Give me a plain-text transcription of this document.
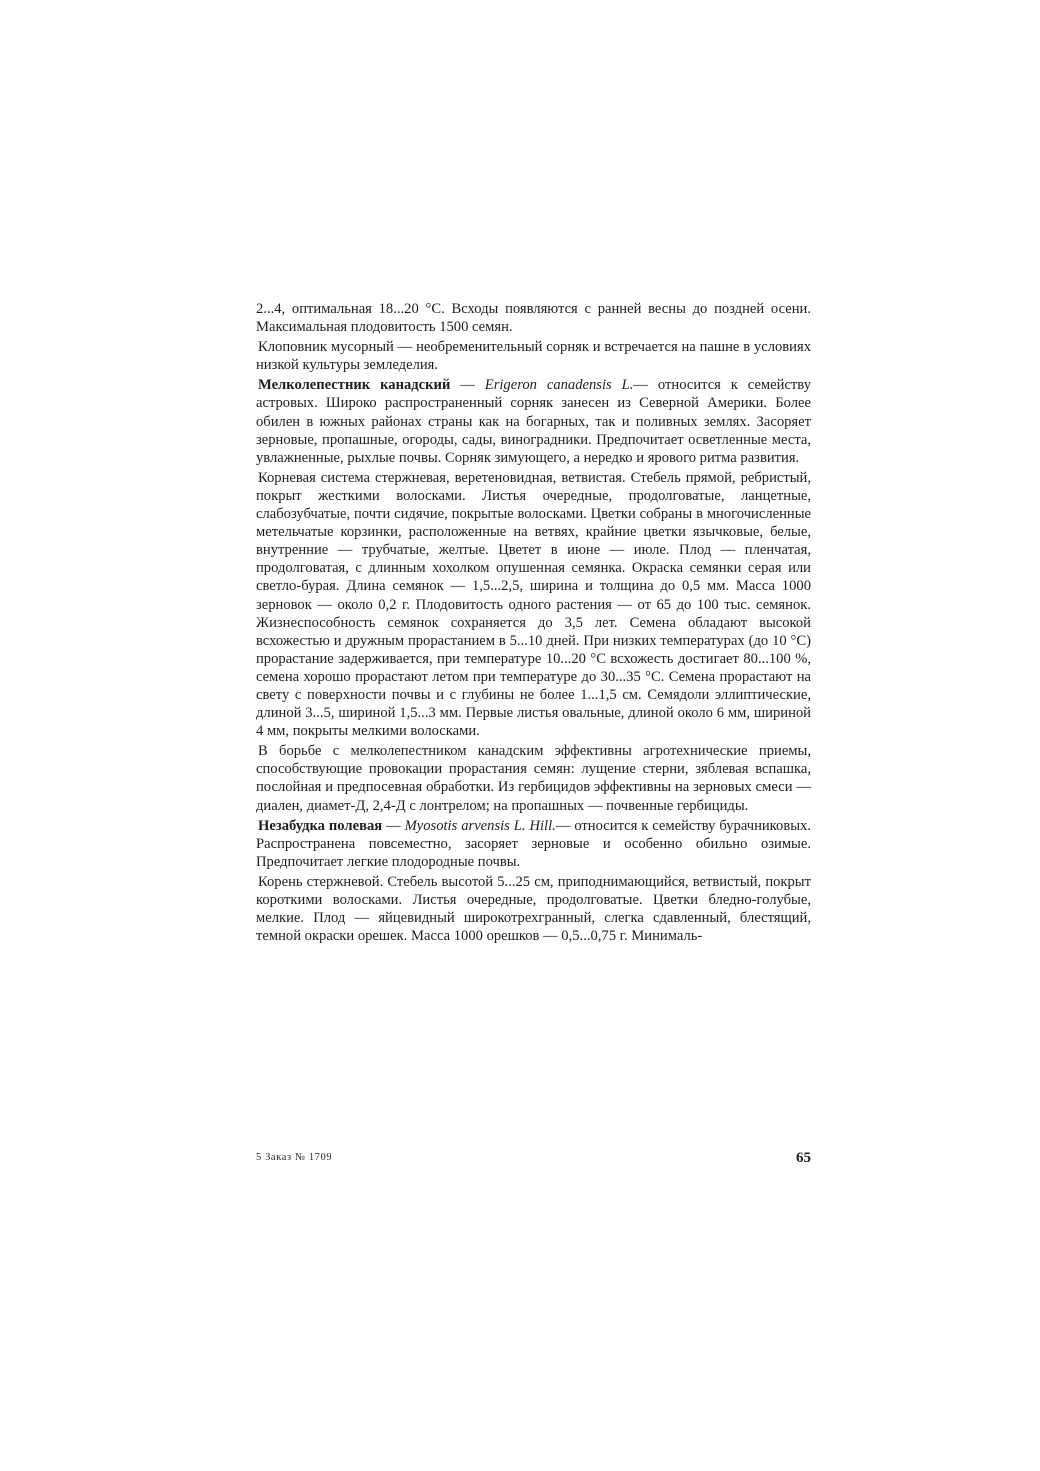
2...4, оптимальная 18...20 °С. Всходы появляются с ранней весны до поздней осени. Максимальная плодовитость 1500 семян.

Клоповник мусорный — необременительный сорняк и встречается на пашне в условиях низкой культуры земледелия.

Мелколепестник канадский — Erigeron canadensis L.— относится к семейству астровых. Широко распространенный сорняк занесен из Северной Америки. Более обилен в южных районах страны как на богарных, так и поливных землях. Засоряет зерновые, пропашные, огороды, сады, виноградники. Предпочитает осветленные места, увлажненные, рыхлые почвы. Сорняк зимующего, а нередко и ярового ритма развития.

Корневая система стержневая, веретеновидная, ветвистая. Стебель прямой, ребристый, покрыт жесткими волосками. Листья очередные, продолговатые, ланцетные, слабозубчатые, почти сидячие, покрытые волосками. Цветки собраны в многочисленные метельчатые корзинки, расположенные на ветвях, крайние цветки язычковые, белые, внутренние — трубчатые, желтые. Цветет в июне — июле. Плод — пленчатая, продолговатая, с длинным хохолком опушенная семянка. Окраска семянки серая или светло-бурая. Длина семянок — 1,5...2,5, ширина и толщина до 0,5 мм. Масса 1000 зерновок — около 0,2 г. Плодовитость одного растения — от 65 до 100 тыс. семянок. Жизнеспособность семянок сохраняется до 3,5 лет. Семена обладают высокой всхожестью и дружным прорастанием в 5...10 дней. При низких температурах (до 10 °С) прорастание задерживается, при температуре 10...20 °С всхожесть достигает 80...100 %, семена хорошо прорастают летом при температуре до 30...35 °С. Семена прорастают на свету с поверхности почвы и с глубины не более 1...1,5 см. Семядоли эллиптические, длиной 3...5, шириной 1,5...3 мм. Первые листья овальные, длиной около 6 мм, шириной 4 мм, покрыты мелкими волосками.

В борьбе с мелколепестником канадским эффективны агротехнические приемы, способствующие провокации прорастания семян: лущение стерни, зяблевая вспашка, послойная и предпосевная обработки. Из гербицидов эффективны на зерновых смеси — диален, диамет-Д, 2,4-Д с лонтрелом; на пропашных — почвенные гербициды.

Незабудка полевая — Myosotis arvensis L. Hill.— относится к семейству бурачниковых. Распространена повсеместно, засоряет зерновые и особенно обильно озимые. Предпочитает легкие плодородные почвы.

Корень стержневой. Стебель высотой 5...25 см, приподнимающийся, ветвистый, покрыт короткими волосками. Листья очередные, продолговатые. Цветки бледно-голубые, мелкие. Плод — яйцевидный широкотрехгранный, слегка сдавленный, блестящий, темной окраски орешек. Масса 1000 орешков — 0,5...0,75 г. Минималь-

5 Заказ № 1709	65
